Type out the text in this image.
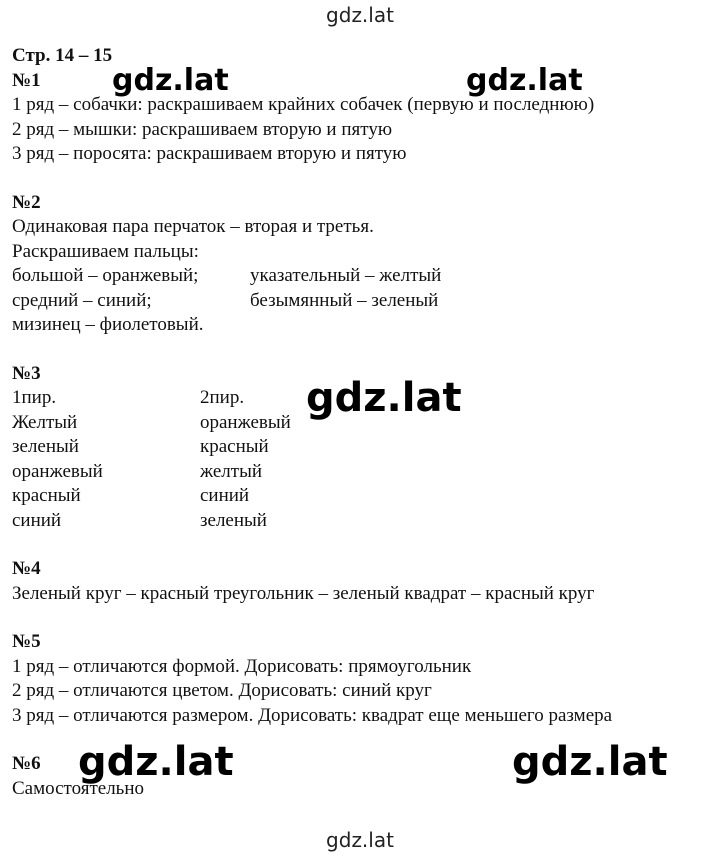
gdz.lat
gdz.lat	gdz.lat
gdz.lat
gdz.lat	gdz.lat
Стр. 14 – 15
№1
1 ряд – собачки: раскрашиваем крайних собачек (первую и последнюю)
2 ряд – мышки: раскрашиваем вторую и пятую
3 ряд – поросята: раскрашиваем вторую и пятую
№2
Одинаковая пара перчаток – вторая и третья.
Раскрашиваем пальцы:
большой – оранжевый;	указательный – желтый
средний – синий;	безымянный – зеленый
мизинец – фиолетовый.
№3
1пир.	2пир.
Желтый	оранжевый
зеленый	красный
оранжевый	желтый
красный	синий
синий	зеленый
№4
Зеленый круг – красный треугольник – зеленый квадрат – красный круг
№5
1 ряд – отличаются формой. Дорисовать: прямоугольник
2 ряд – отличаются цветом. Дорисовать: синий круг
3 ряд – отличаются размером. Дорисовать: квадрат еще меньшего размера
№6
Самостоятельно
gdz.lat
